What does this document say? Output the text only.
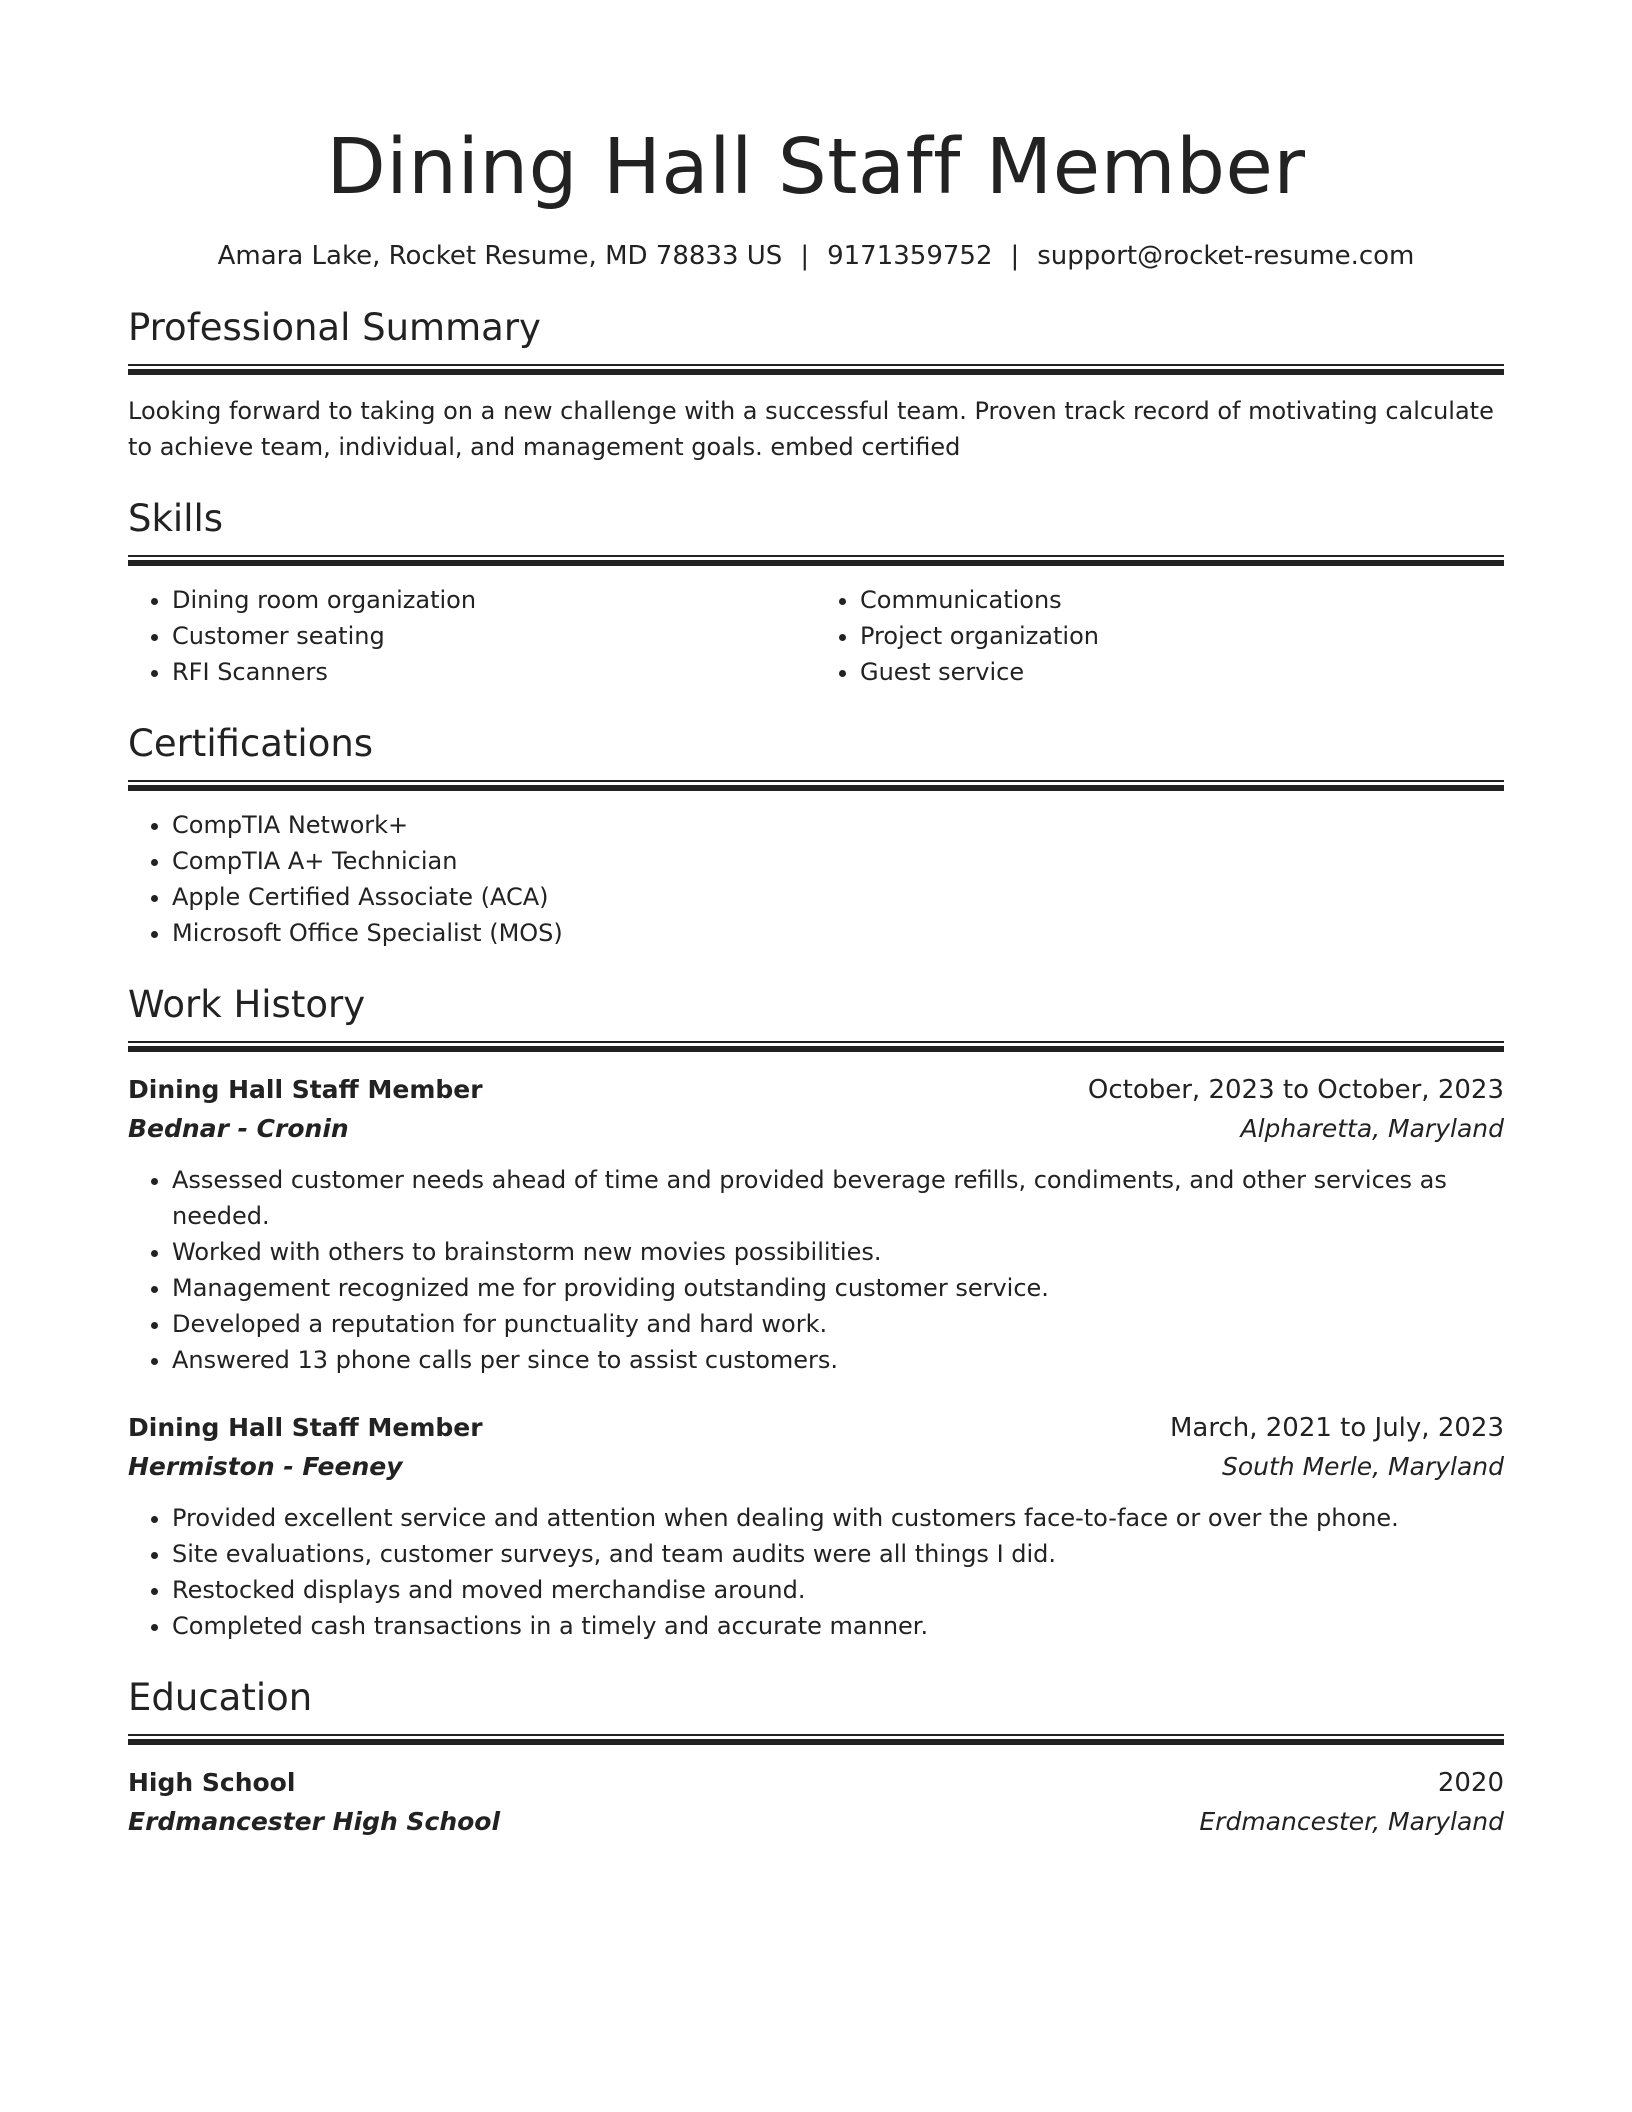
Dining Hall Staff Member
Amara Lake, Rocket Resume, MD 78833 US | 9171359752 | support@rocket-resume.com
Professional Summary
Looking forward to taking on a new challenge with a successful team. Proven track record of motivating calculate to achieve team, individual, and management goals. embed certified
Skills
• Dining room organization
• Customer seating
• RFI Scanners
• Communications
• Project organization
• Guest service
Certifications
• CompTIA Network+
• CompTIA A+ Technician
• Apple Certified Associate (ACA)
• Microsoft Office Specialist (MOS)
Work History
Dining Hall Staff Member	October, 2023 to October, 2023
Bednar - Cronin	Alpharetta, Maryland
• Assessed customer needs ahead of time and provided beverage refills, condiments, and other services as needed.
• Worked with others to brainstorm new movies possibilities.
• Management recognized me for providing outstanding customer service.
• Developed a reputation for punctuality and hard work.
• Answered 13 phone calls per since to assist customers.
Dining Hall Staff Member	March, 2021 to July, 2023
Hermiston - Feeney	South Merle, Maryland
• Provided excellent service and attention when dealing with customers face-to-face or over the phone.
• Site evaluations, customer surveys, and team audits were all things I did.
• Restocked displays and moved merchandise around.
• Completed cash transactions in a timely and accurate manner.
Education
High School	2020
Erdmancester High School	Erdmancester, Maryland
